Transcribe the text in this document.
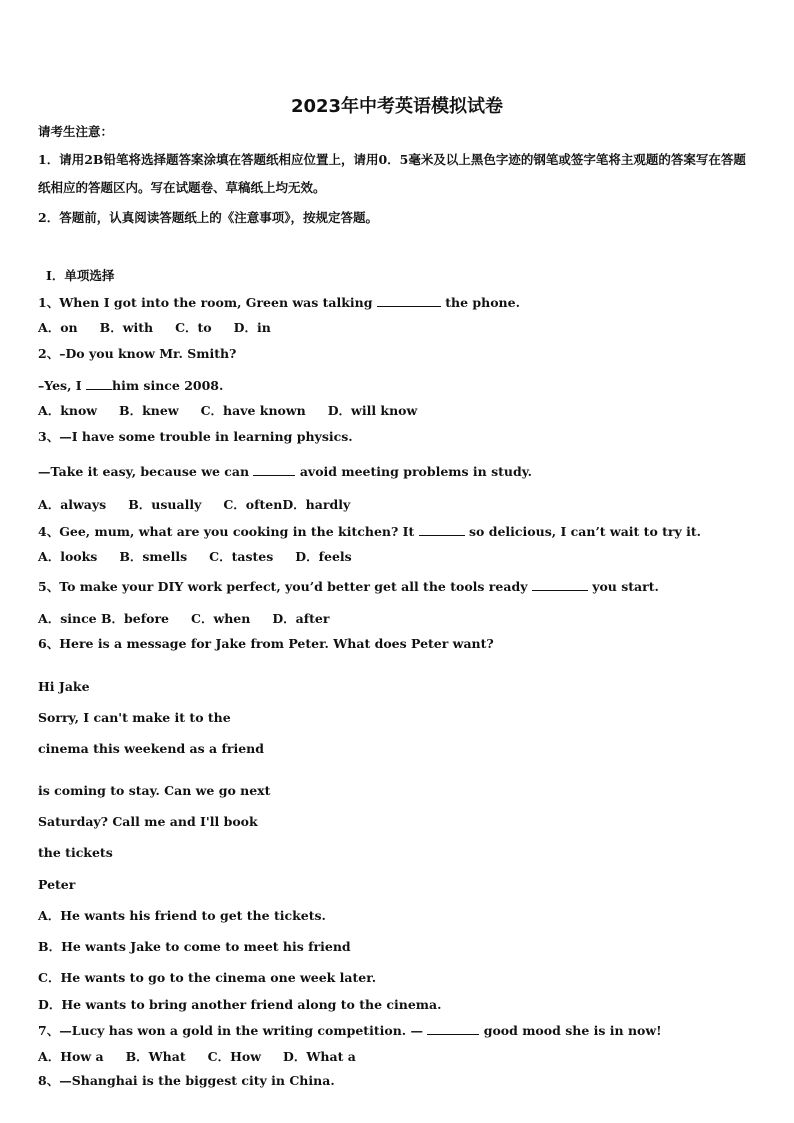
2023年中考英语模拟试卷
请考生注意：
1．请用2B铅笔将选择题答案涂填在答题纸相应位置上，请用0．5毫米及以上黑色字迹的钢笔或签字笔将主观题的答案写在答题纸相应的答题区内。写在试题卷、草稿纸上均无效。
2．答题前，认真阅读答题纸上的《注意事项》，按规定答题。
Ⅰ．单项选择
1、When I got into the room, Green was talking	the phone.
A．on B．with C．to D．in
2、–Do you know Mr. Smith?
–Yes, I him since 2008.
A．know B．knew C．have known D．will know
3、—I have some trouble in learning physics.
—Take it easy, because we can	avoid meeting problems in study.
A．always B．usually C．oftenD．hardly
4、Gee, mum, what are you cooking in the kitchen? It	so delicious, I can’t wait to try it.
A．looks B．smells C．tastes D．feels
5、To make your DIY work perfect, you’d better get all the tools ready	you start.
A．since B．before C．when D．after
6、Here is a message for Jake from Peter. What does Peter want?
Hi Jake
Sorry, I can't make it to the
cinema this weekend as a friend
is coming to stay. Can we go next
Saturday? Call me and I'll book
the tickets
Peter
A．He wants his friend to get the tickets.
B．He wants Jake to come to meet his friend
C．He wants to go to the cinema one week later.
D．He wants to bring another friend along to the cinema.
7、—Lucy has won a gold in the writing competition. —	good mood she is in now!
A．How a B．What C．How D．What a
8、—Shanghai is the biggest city in China.
